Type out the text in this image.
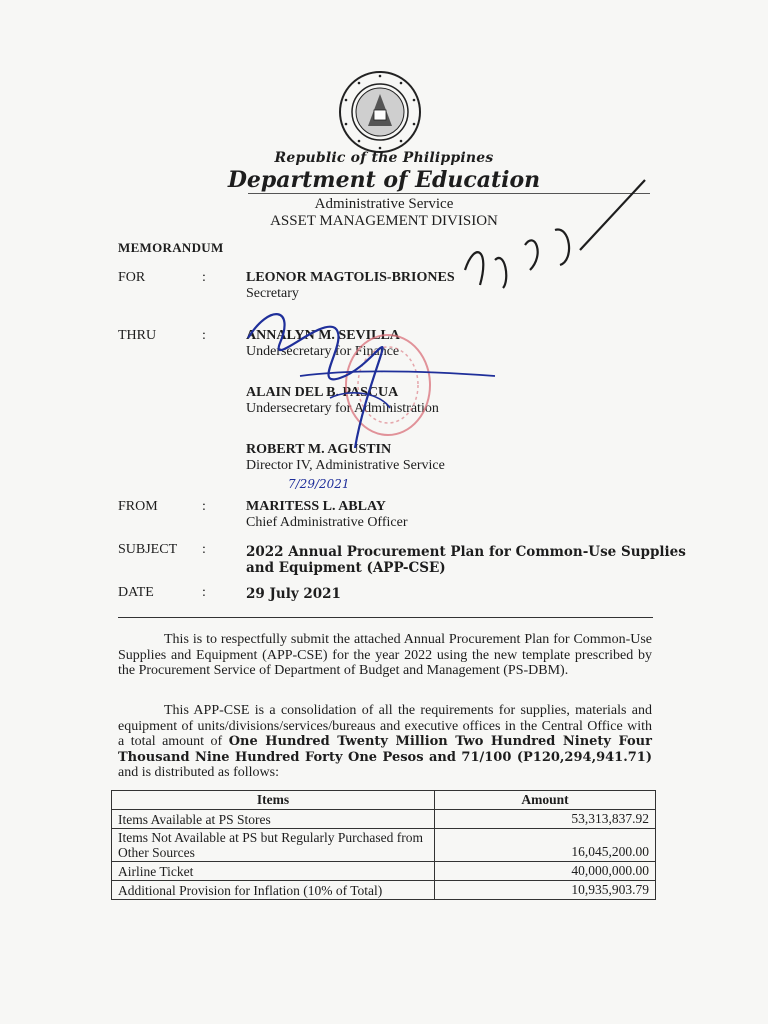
Republic of the Philippines
Department of Education
Administrative Service
ASSET MANAGEMENT DIVISION
MEMORANDUM
FOR	:	LEONOR MAGTOLIS-BRIONES
Secretary
THRU	:	ANNALYN M. SEVILLA
Undersecretary for Finance
ALAIN DEL B. PASCUA
Undersecretary for Administration
ROBERT M. AGUSTIN
Director IV, Administrative Service
FROM	:	MARITESS L. ABLAY
Chief Administrative Officer
SUBJECT :	2022 Annual Procurement Plan for Common-Use Supplies
and Equipment (APP-CSE)
DATE	:	29 July 2021
This is to respectfully submit the attached Annual Procurement Plan for Common-Use Supplies and Equipment (APP-CSE) for the year 2022 using the new template prescribed by the Procurement Service of Department of Budget and Management (PS-DBM).
This APP-CSE is a consolidation of all the requirements for supplies, materials and equipment of units/divisions/services/bureaus and executive offices in the Central Office with a total amount of One Hundred Twenty Million Two Hundred Ninety Four Thousand Nine Hundred Forty One Pesos and 71/100 (P120,294,941.71) and is distributed as follows:
Items	Amount
Items Available at PS Stores	53,313,837.92
Items Not Available at PS but Regularly Purchased from Other Sources	16,045,200.00
Airline Ticket	40,000,000.00
Additional Provision for Inflation (10% of Total)	10,935,903.79
7/29/2021
